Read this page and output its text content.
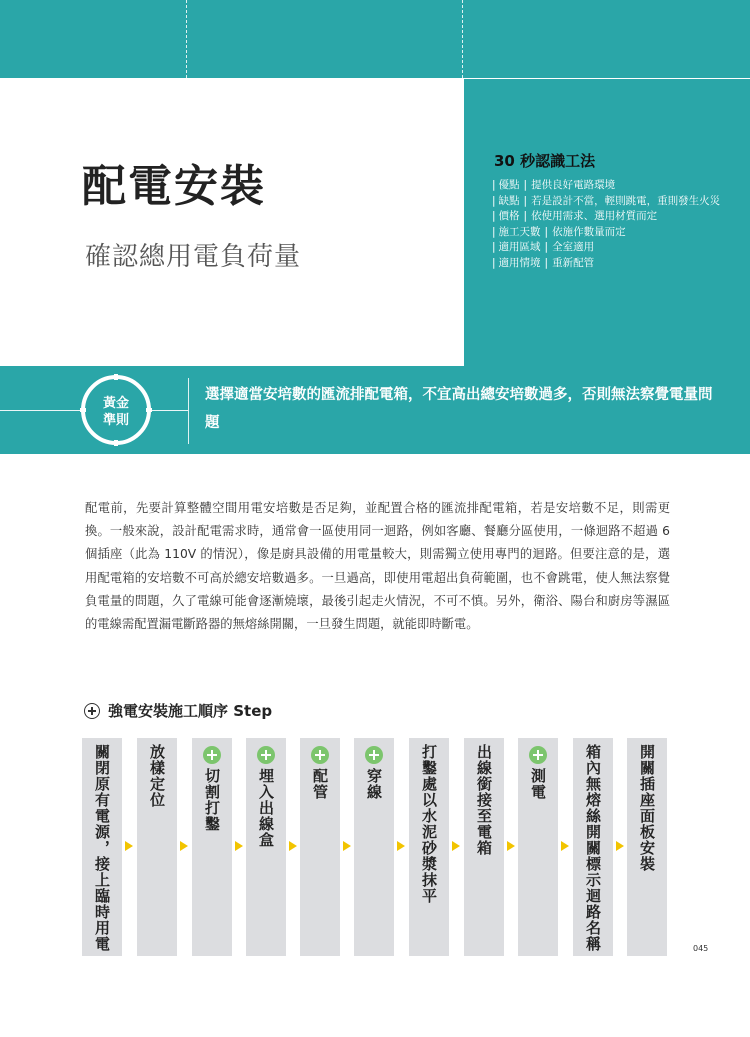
配電安裝
確認總用電負荷量
30 秒認識工法
| 優點 | 提供良好電路環境
| 缺點 | 若是設計不當，輕則跳電，重則發生火災
| 價格 | 依使用需求、選用材質而定
| 施工天數 | 依施作數量而定
| 適用區域 | 全室適用
| 適用情境 | 重新配管
黃金
準則
選擇適當安培數的匯流排配電箱，不宜高出總安培數過多，否則無法察覺電量問題
配電前，先要計算整體空間用電安培數是否足夠，並配置合格的匯流排配電箱，若是安培數不足，則需更換。一般來說，設計配電需求時，通常會一區使用同一迴路，例如客廳、餐廳分區使用，一條迴路不超過 6 個插座（此為 110V 的情況），像是廚具設備的用電量較大，則需獨立使用專門的迴路。但要注意的是，選用配電箱的安培數不可高於總安培數過多。一旦過高，即使用電超出負荷範圍，也不會跳電，使人無法察覺負電量的問題，久了電線可能會逐漸燒壞，最後引起走火情況，不可不慎。另外，衛浴、陽台和廚房等濕區的電線需配置漏電斷路器的無熔絲開關，一旦發生問題，就能即時斷電。
強電安裝施工順序 Step
關閉原有電源，接上臨時用電	放樣定位	切割打鑿	埋入出線盒	配管	穿線	打鑿處以水泥砂漿抹平	出線銜接至電箱	測電	箱內無熔絲開關標示迴路名稱	開關插座面板安裝
045
